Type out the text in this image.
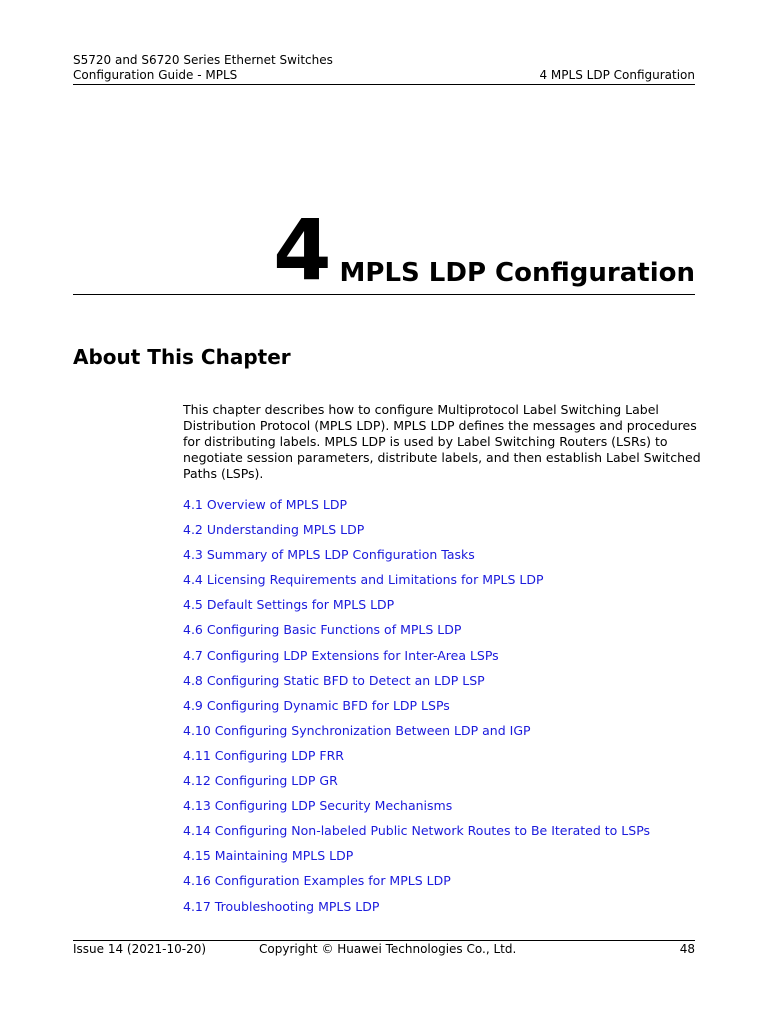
S5720 and S6720 Series Ethernet Switches
Configuration Guide - MPLS	4 MPLS LDP Configuration
4 MPLS LDP Configuration
About This Chapter

This chapter describes how to configure Multiprotocol Label Switching Label Distribution Protocol (MPLS LDP). MPLS LDP defines the messages and procedures for distributing labels. MPLS LDP is used by Label Switching Routers (LSRs) to negotiate session parameters, distribute labels, and then establish Label Switched Paths (LSPs).

4.1 Overview of MPLS LDP
4.2 Understanding MPLS LDP
4.3 Summary of MPLS LDP Configuration Tasks
4.4 Licensing Requirements and Limitations for MPLS LDP
4.5 Default Settings for MPLS LDP
4.6 Configuring Basic Functions of MPLS LDP
4.7 Configuring LDP Extensions for Inter-Area LSPs
4.8 Configuring Static BFD to Detect an LDP LSP
4.9 Configuring Dynamic BFD for LDP LSPs
4.10 Configuring Synchronization Between LDP and IGP
4.11 Configuring LDP FRR
4.12 Configuring LDP GR
4.13 Configuring LDP Security Mechanisms
4.14 Configuring Non-labeled Public Network Routes to Be Iterated to LSPs
4.15 Maintaining MPLS LDP
4.16 Configuration Examples for MPLS LDP
4.17 Troubleshooting MPLS LDP
Issue 14 (2021-10-20)	Copyright © Huawei Technologies Co., Ltd.	48
